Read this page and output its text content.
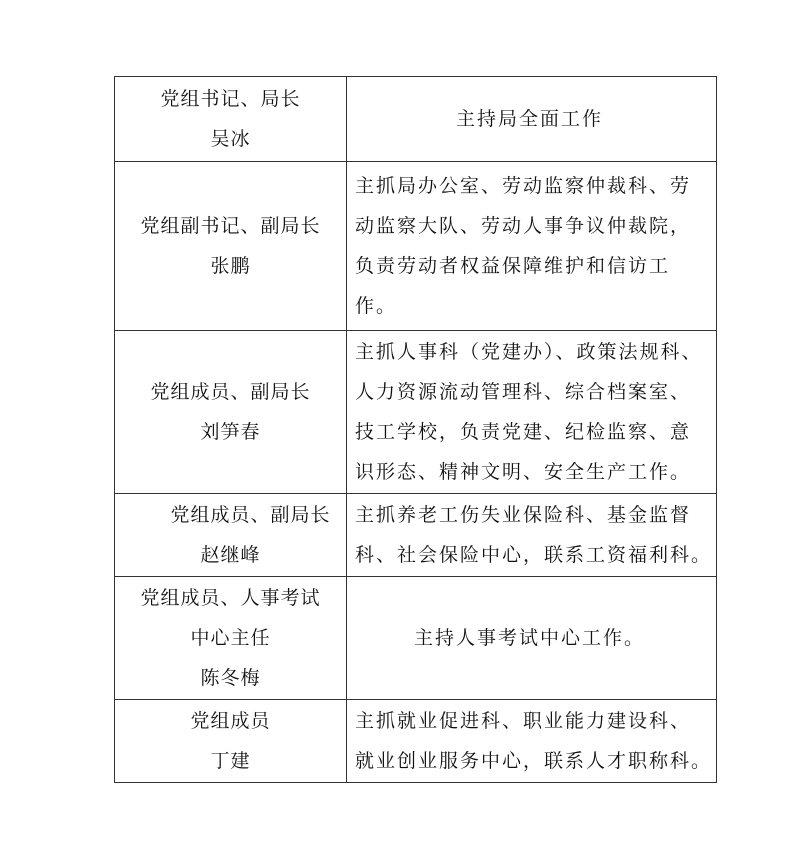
党组书记、局长
吴冰	主持局全面工作

党组副书记、副局长
张鹏	主抓局办公室、劳动监察仲裁科、劳
动监察大队、劳动人事争议仲裁院，
负责劳动者权益保障维护和信访工
作。

党组成员、副局长
刘笋春	主抓人事科（党建办）、政策法规科、
人力资源流动管理科、综合档案室、
技工学校，负责党建、纪检监察、意
识形态、精神文明、安全生产工作。

党组成员、副局长
赵继峰	主抓养老工伤失业保险科、基金监督
科、社会保险中心，联系工资福利科。

党组成员、人事考试
中心主任
陈冬梅	主持人事考试中心工作。

党组成员
丁建	主抓就业促进科、职业能力建设科、
就业创业服务中心，联系人才职称科。
